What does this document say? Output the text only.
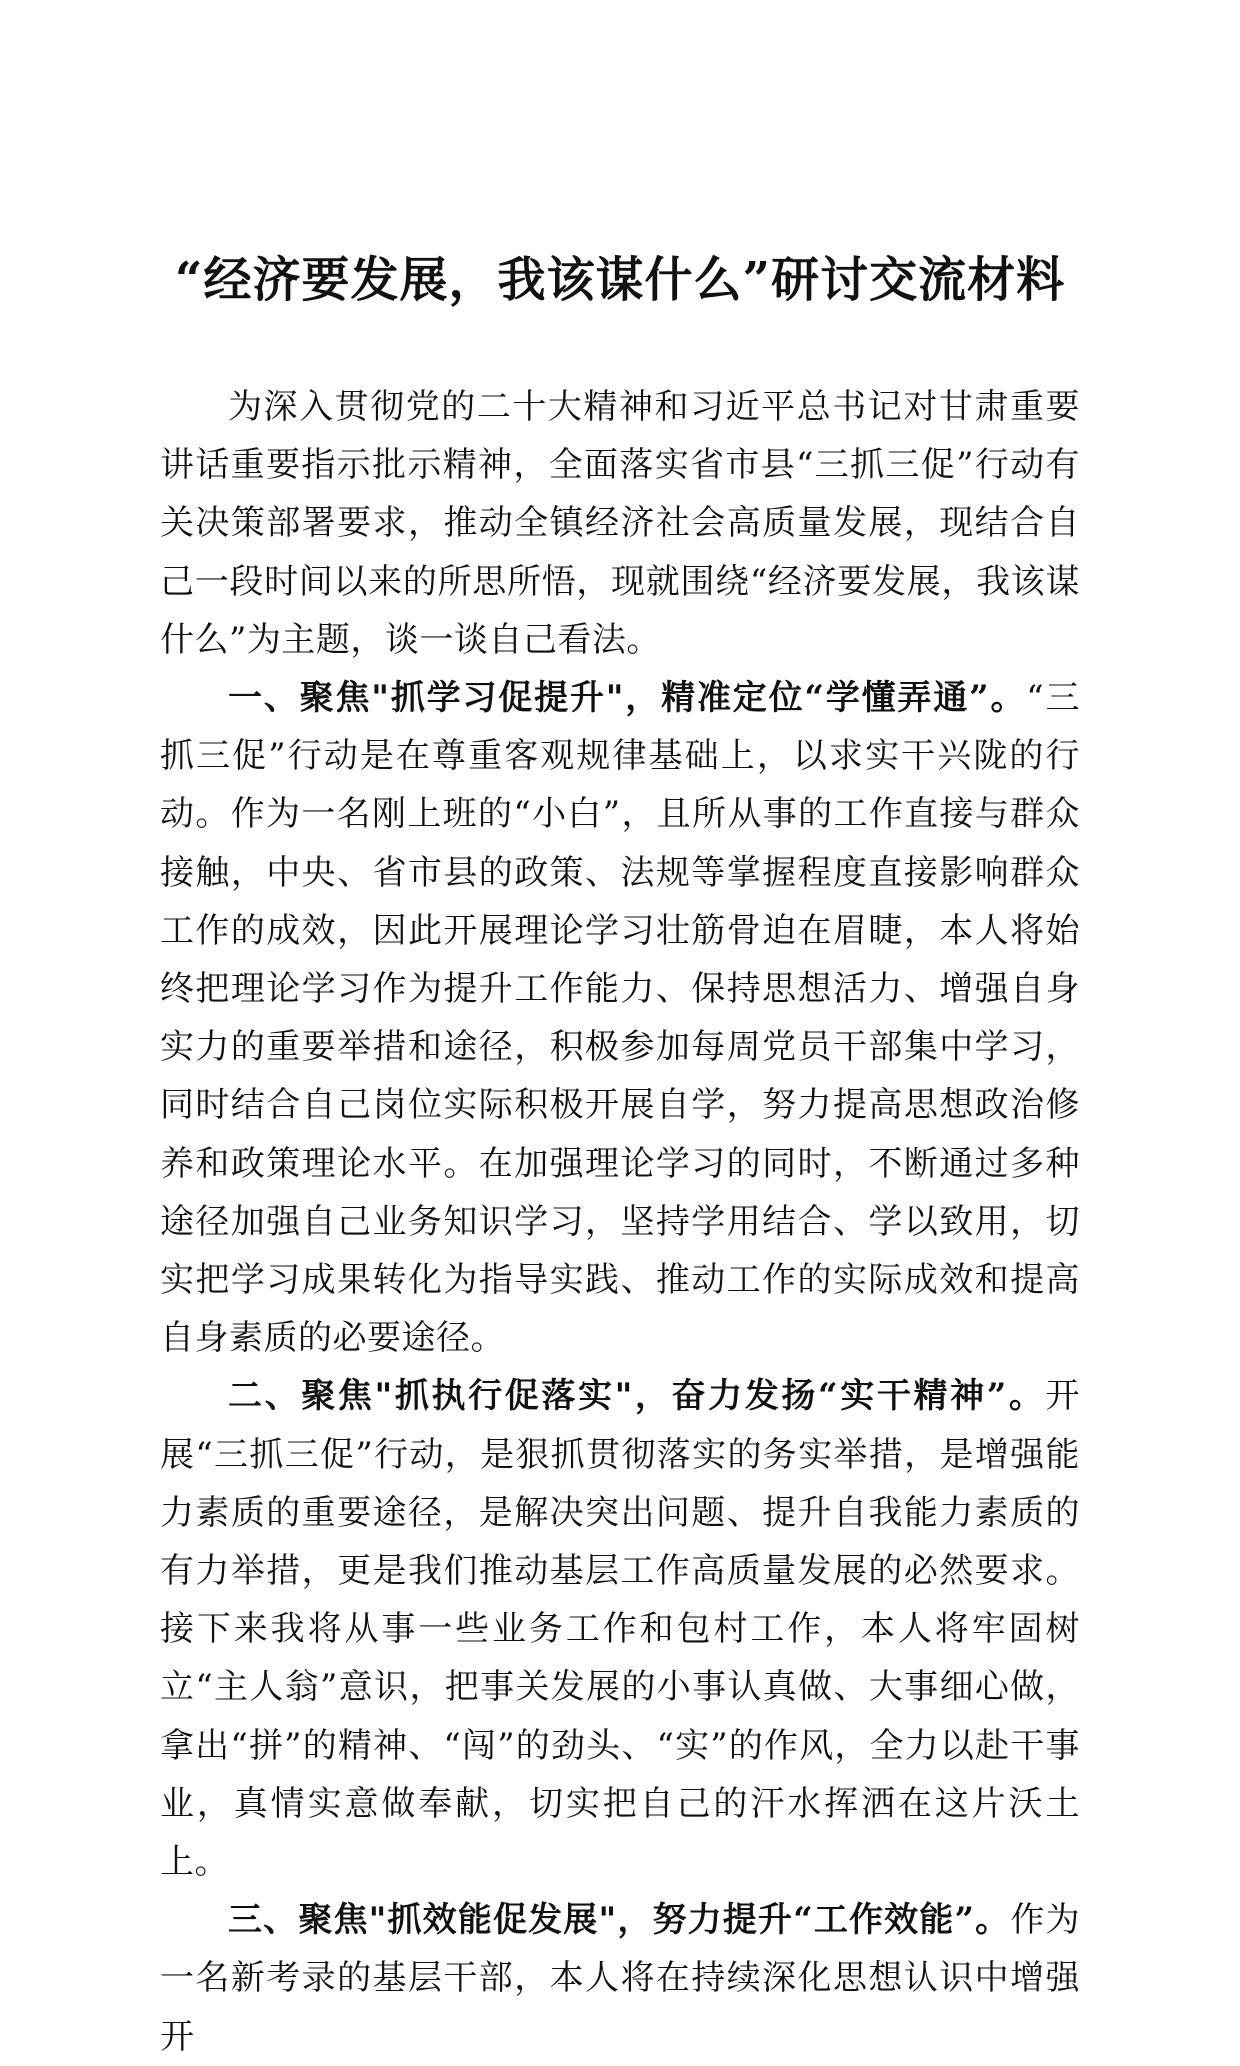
“经济要发展，我该谋什么”研讨交流材料

为深入贯彻党的二十大精神和习近平总书记对甘肃重要讲话重要指示批示精神，全面落实省市县“三抓三促”行动有关决策部署要求，推动全镇经济社会高质量发展，现结合自己一段时间以来的所思所悟，现就围绕“经济要发展，我该谋什么”为主题，谈一谈自己看法。

一、聚焦"抓学习促提升"，精准定位“学懂弄通”。“三抓三促”行动是在尊重客观规律基础上，以求实干兴陇的行动。作为一名刚上班的“小白”，且所从事的工作直接与群众接触，中央、省市县的政策、法规等掌握程度直接影响群众工作的成效，因此开展理论学习壮筋骨迫在眉睫，本人将始终把理论学习作为提升工作能力、保持思想活力、增强自身实力的重要举措和途径，积极参加每周党员干部集中学习，同时结合自己岗位实际积极开展自学，努力提高思想政治修养和政策理论水平。在加强理论学习的同时，不断通过多种途径加强自己业务知识学习，坚持学用结合、学以致用，切实把学习成果转化为指导实践、推动工作的实际成效和提高自身素质的必要途径。

二、聚焦"抓执行促落实"，奋力发扬“实干精神”。开展“三抓三促”行动，是狠抓贯彻落实的务实举措，是增强能力素质的重要途径，是解决突出问题、提升自我能力素质的有力举措，更是我们推动基层工作高质量发展的必然要求。接下来我将从事一些业务工作和包村工作，本人将牢固树立“主人翁”意识，把事关发展的小事认真做、大事细心做，拿出“拼”的精神、“闯”的劲头、“实”的作风，全力以赴干事业，真情实意做奉献，切实把自己的汗水挥洒在这片沃土上。

三、聚焦"抓效能促发展"，努力提升“工作效能”。作为一名新考录的基层干部，本人将在持续深化思想认识中增强开
